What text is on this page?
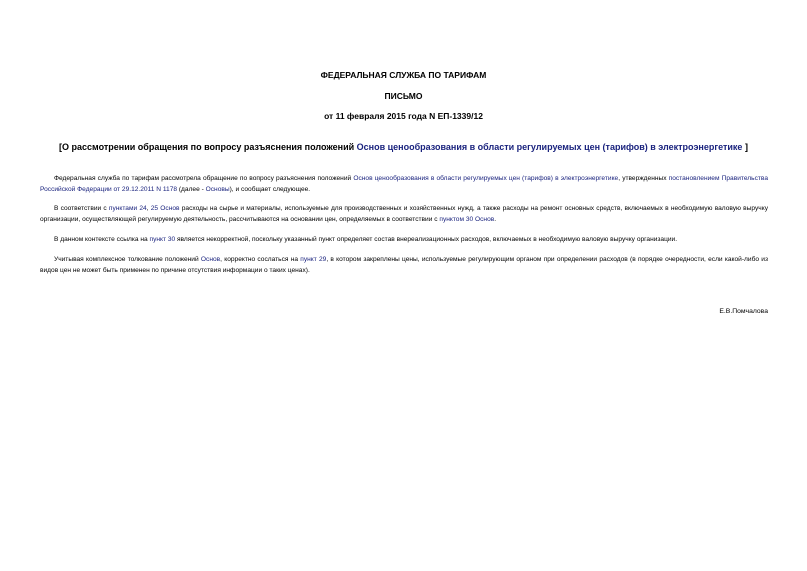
ФЕДЕРАЛЬНАЯ СЛУЖБА ПО ТАРИФАМ
ПИСЬМО
от 11 февраля 2015 года N ЕП-1339/12
[О рассмотрении обращения по вопросу разъяснения положений Основ ценообразования в области регулируемых цен (тарифов) в электроэнергетике ]

Федеральная служба по тарифам рассмотрела обращение по вопросу разъяснения положений Основ ценообразования в области регулируемых цен (тарифов) в электроэнергетике, утвержденных постановлением Правительства Российской Федерации от 29.12.2011 N 1178 (далее - Основы), и сообщает следующее.

В соответствии с пунктами 24, 25 Основ расходы на сырье и материалы, используемые для производственных и хозяйственных нужд, а также расходы на ремонт основных средств, включаемых в необходимую валовую выручку организации, осуществляющей регулируемую деятельность, рассчитываются на основании цен, определяемых в соответствии с пунктом 30 Основ.

В данном контексте ссылка на пункт 30 является некорректной, поскольку указанный пункт определяет состав внереализационных расходов, включаемых в необходимую валовую выручку организации.

Учитывая комплексное толкование положений Основ, корректно сослаться на пункт 29, в котором закреплены цены, используемые регулирующим органом при определении расходов (в порядке очередности, если какой-либо из видов цен не может быть применен по причине отсутствия информации о таких ценах).

Е.В.Помчалова
